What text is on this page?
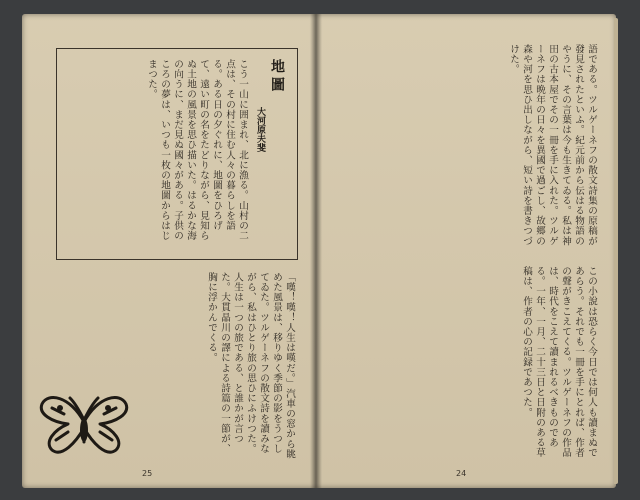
地圖
大河原夫斐
こう一山に囲まれ、北に漁る。山村の二点は、その村に住む人々の暮らしを語る。ある日の夕ぐれに、地圖をひろげて、遠い町の名をたどりながら、見知らぬ土地の風景を思ひ描いた。はるかな海の向うに、まだ見ぬ國々がある。子供のころの夢は、いつも一枚の地圖からはじまつた。
「嘆！嘆！人生は嘆だ。」汽車の窓から眺めた風景は、移りゆく季節の影をうつしてゐた。ツルゲーネフの散文詩を讀みながら、私はひとり旅の思ひにふけつた。人生は一つの旅である、と誰かが言つた。大貫晶川の譯による詩篇の一節が、胸に浮かんでくる。
25
語である。ツルゲーネフの散文詩集の原稿が發見されたといふ。紀元前から伝はる物語のやうに、その言葉は今も生きてゐる。私は神田の古本屋でその一冊を手に入れた。ツルゲーネフは晩年の日々を異國で過ごし、故郷の森や河を思ひ出しながら、短い詩を書きつづけた。
この小說は恐らく今日では何人も讀まぬであらう。それでも一冊を手にとれば、作者の聲がきこえてくる。ツルゲーネフの作品は、時代をこえて讀まれるべきものである。一年、一月、二十三日と日附のある草稿は、作者の心の記録であつた。
24
